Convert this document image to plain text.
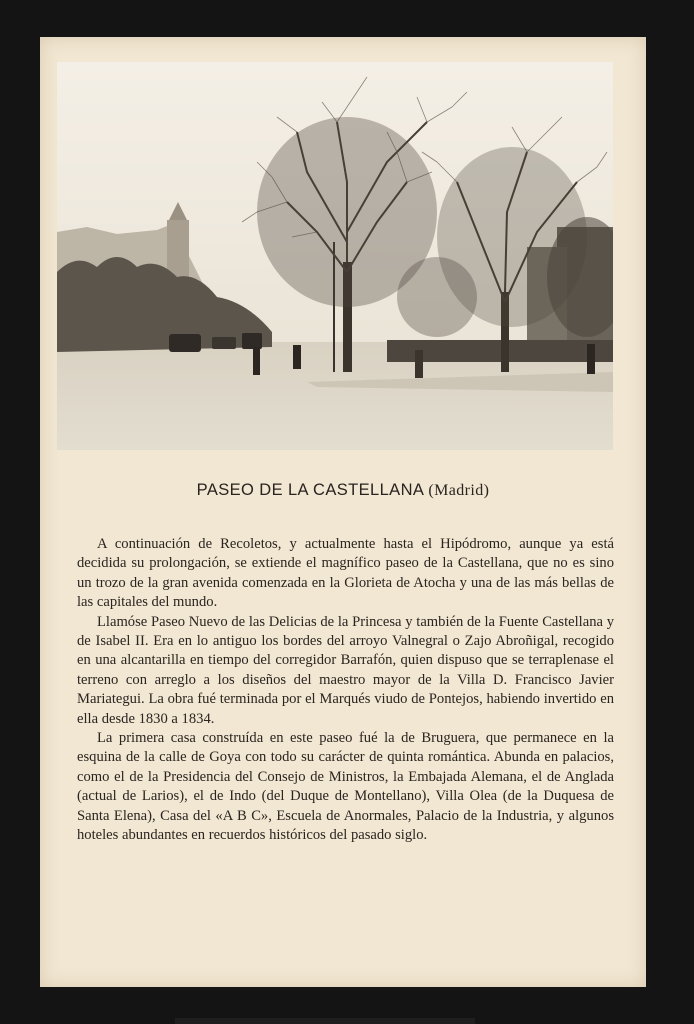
PASEO DE LA CASTELLANA (Madrid)

A continuación de Recoletos, y actualmente hasta el Hipódromo, aunque ya está decidida su prolongación, se extiende el magnífico paseo de la Castellana, que no es sino un trozo de la gran avenida comenzada en la Glorieta de Atocha y una de las más bellas de las capitales del mundo.

Llamóse Paseo Nuevo de las Delicias de la Princesa y también de la Fuente Castellana y de Isabel II. Era en lo antiguo los bordes del arroyo Valnegral o Zajo Abroñigal, recogido en una alcantarilla en tiempo del corregidor Barrafón, quien dispuso que se terraplenase el terreno con arreglo a los diseños del maestro mayor de la Villa D. Francisco Javier Mariategui. La obra fué terminada por el Marqués viudo de Pontejos, habiendo invertido en ella desde 1830 a 1834.

La primera casa construída en este paseo fué la de Bruguera, que permanece en la esquina de la calle de Goya con todo su carácter de quinta romántica. Abunda en palacios, como el de la Presidencia del Consejo de Ministros, la Embajada Alemana, el de Anglada (actual de Larios), el de Indo (del Duque de Montellano), Villa Olea (de la Duquesa de Santa Elena), Casa del «A B C», Escuela de Anormales, Palacio de la Industria, y algunos hoteles abundantes en recuerdos históricos del pasado siglo.
